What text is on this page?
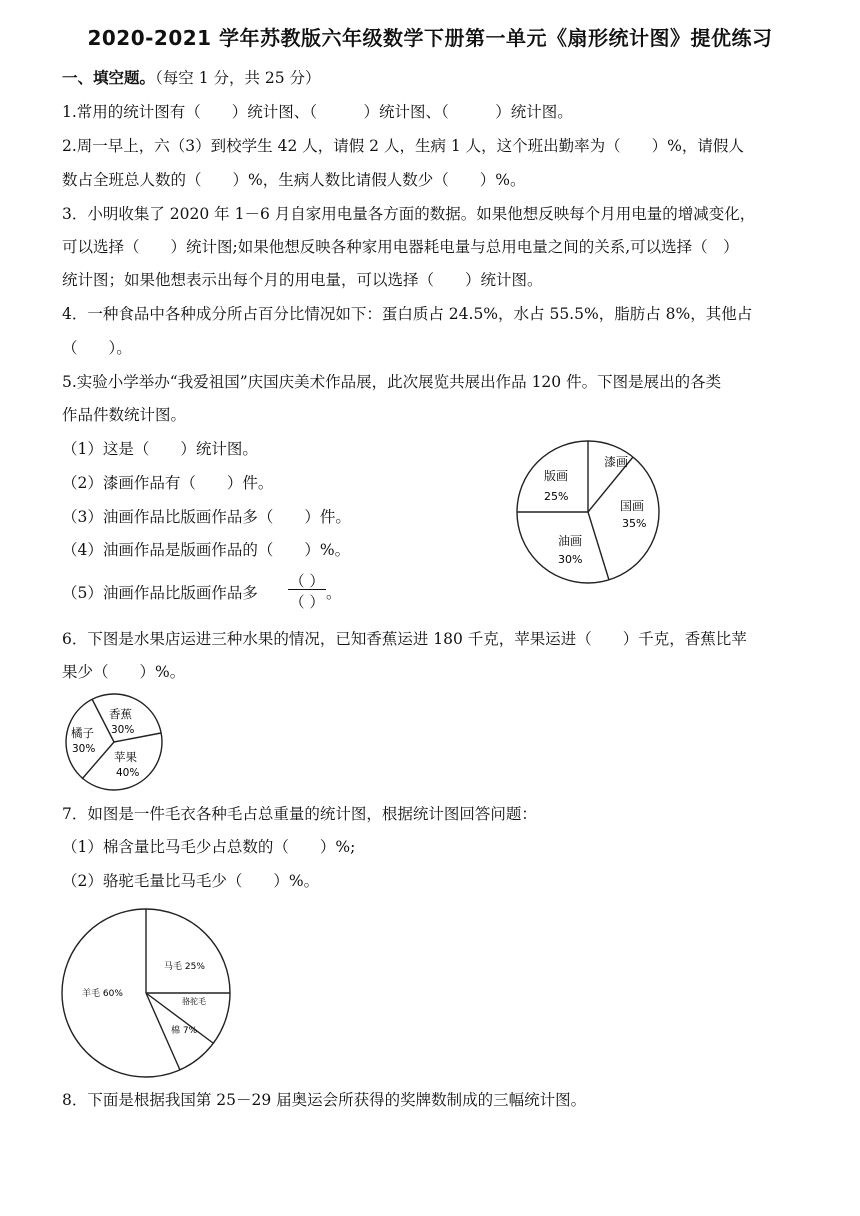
2020-2021 学年苏教版六年级数学下册第一单元《扇形统计图》提优练习
一、填空题。（每空 1 分，共 25 分）
1.常用的统计图有（　　）统计图、（　　　）统计图、（　　　）统计图。
2.周一早上，六（3）到校学生 42 人，请假 2 人，生病 1 人，这个班出勤率为（　　）%，请假人
数占全班总人数的（　　）%，生病人数比请假人数少（　　）%。
3．小明收集了 2020 年 1－6 月自家用电量各方面的数据。如果他想反映每个月用电量的增减变化，
可以选择（　　）统计图;如果他想反映各种家用电器耗电量与总用电量之间的关系,可以选择（　）
统计图；如果他想表示出每个月的用电量，可以选择（　　）统计图。
4．一种食品中各种成分所占百分比情况如下：蛋白质占 24.5%，水占 55.5%，脂肪占 8%，其他占
（　　）。
5.实验小学举办“我爱祖国”庆国庆美术作品展，此次展览共展出作品 120 件。下图是展出的各类
作品件数统计图。
（1）这是（　　）统计图。
（2）漆画作品有（　　）件。
（3）油画作品比版画作品多（　　）件。
（4）油画作品是版画作品的（　　）%。
（5）油画作品比版画作品多
（ ）
（ ） 。
6．下图是水果店运进三种水果的情况，已知香蕉运进 180 千克，苹果运进（　　）千克，香蕉比苹
果少（　　）%。
7．如图是一件毛衣各种毛占总重量的统计图，根据统计图回答问题：
（1）棉含量比马毛少占总数的（　　）%;
（2）骆驼毛量比马毛少（　　）%。
8．下面是根据我国第 25－29 届奥运会所获得的奖牌数制成的三幅统计图。
漆画
国画
35%
油画
30%
版画
25%
香蕉
30%
苹果
40%
橘子
30%
马毛 25%
骆驼毛
棉 7%
羊毛 60%
